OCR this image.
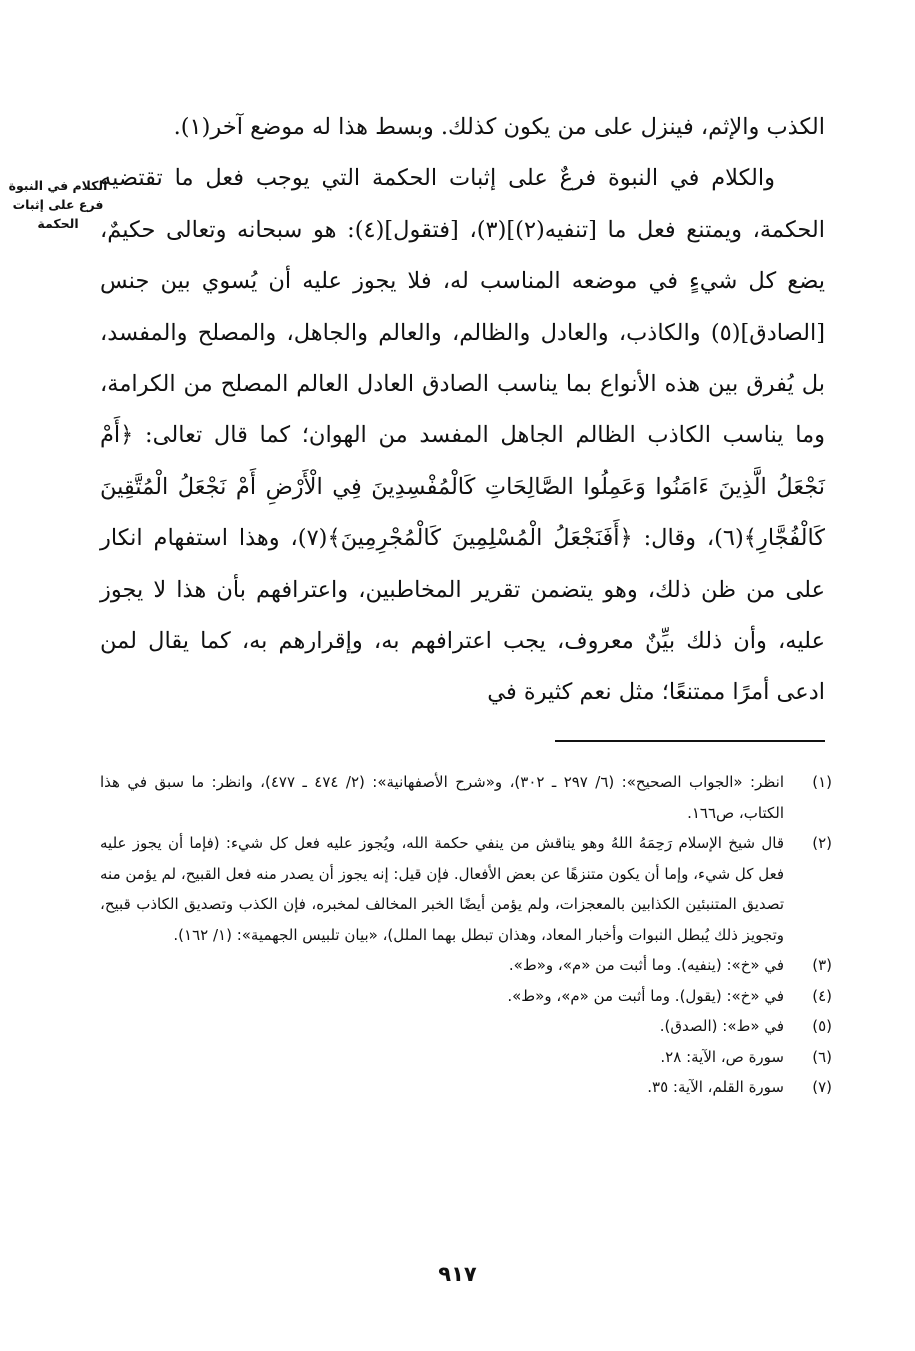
الكلام في النبوة فرع على إثبات الحكمة

الكذب والإثم، فينزل على من يكون كذلك. وبسط هذا له موضع آخر(١).

والكلام في النبوة فرعٌ على إثبات الحكمة التي يوجب فعل ما تقتضيه الحكمة، ويمتنع فعل ما [تنفيه(٢)](٣)، [فتقول](٤): هو سبحانه وتعالى حكيمٌ، يضع كل شيءٍ في موضعه المناسب له، فلا يجوز عليه أن يُسوي بين جنس [الصادق](٥) والكاذب، والعادل والظالم، والعالم والجاهل، والمصلح والمفسد، بل يُفرق بين هذه الأنواع بما يناسب الصادق العادل العالم المصلح من الكرامة، وما يناسب الكاذب الظالم الجاهل المفسد من الهوان؛ كما قال تعالى: ﴿أَمْ نَجْعَلُ الَّذِينَ ءَامَنُوا وَعَمِلُوا الصَّالِحَاتِ كَالْمُفْسِدِينَ فِي الْأَرْضِ أَمْ نَجْعَلُ الْمُتَّقِينَ كَالْفُجَّارِ﴾(٦)، وقال: ﴿أَفَنَجْعَلُ الْمُسْلِمِينَ كَالْمُجْرِمِينَ﴾(٧)، وهذا استفهام انكار على من ظن ذلك، وهو يتضمن تقرير المخاطبين، واعترافهم بأن هذا لا يجوز عليه، وأن ذلك بيِّنٌ معروف، يجب اعترافهم به، وإقرارهم به، كما يقال لمن ادعى أمرًا ممتنعًا؛ مثل نعم كثيرة في

(١)
انظر: «الجواب الصحيح»: (٦/ ٢٩٧ ـ ٣٠٢)، و«شرح الأصفهانية»: (٢/ ٤٧٤ ـ ٤٧٧)، وانظر: ما سبق في هذا الكتاب، ص١٦٦.
(٢)
قال شيخ الإسلام رَحِمَهُ اللهُ وهو يناقش من ينفي حكمة الله، ويُجوز عليه فعل كل شيء: (فإما أن يجوز عليه فعل كل شيء، وإما أن يكون متنزهًا عن بعض الأفعال. فإن قيل: إنه يجوز أن يصدر منه فعل القبيح، لم يؤمن منه تصديق المتنبئين الكذابين بالمعجزات، ولم يؤمن أيضًا الخبر المخالف لمخبره، فإن الكذب وتصديق الكاذب قبيح، وتجويز ذلك يُبطل النبوات وأخبار المعاد، وهذان تبطل بهما الملل)، «بيان تلبيس الجهمية»: (١/ ١٦٢).
(٣)
في «خ»: (ينفيه). وما أثبت من «م»، و«ط».
(٤)
في «خ»: (يقول). وما أثبت من «م»، و«ط».
(٥)
في «ط»: (الصدق).
(٦)
سورة ص، الآية: ٢٨.
(٧)
سورة القلم، الآية: ٣٥.
٩١٧
